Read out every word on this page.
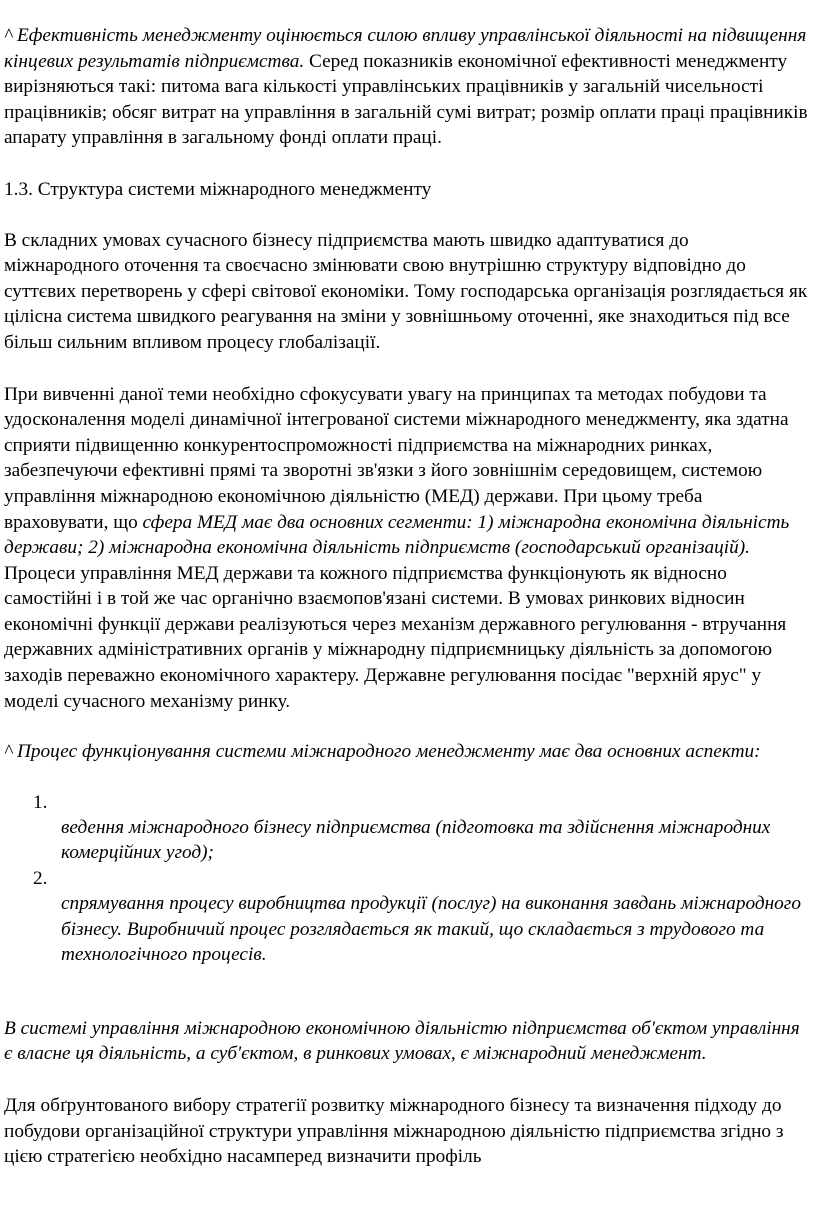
^ Ефективність менеджменту оцінюється силою впливу управлінської діяльності на підвищення кінцевих результатів підприємства. Серед показників економічної ефективності менеджменту вирізняються такі: питома вага кількості управлінських працівників у загальній чисельності працівників; обсяг витрат на управління в загальній сумі витрат; розмір оплати праці працівників апарату управління в загальному фонді оплати праці.

1.3. Структура системи міжнародного менеджменту

В складних умовах сучасного бізнесу підприємства мають швидко адаптуватися до міжнародного оточення та своєчасно змінювати свою внутрішню структуру відповідно до суттєвих перетворень у сфері світової економіки. Тому господарська організація розглядається як цілісна система швидкого реагування на зміни у зовнішньому оточенні, яке знаходиться під все більш сильним впливом процесу глобалізації.

При вивченні даної теми необхідно сфокусувати увагу на принципах та методах побудови та удосконалення моделі динамічної інтегрованої системи міжнародного менеджменту, яка здатна сприяти підвищенню конкурентоспроможності підприємства на міжнародних ринках, забезпечуючи ефективні прямі та зворотні зв'язки з його зовнішнім середовищем, системою управління міжнародною економічною діяльністю (МЕД) держави. При цьому треба враховувати, що сфера МЕД має два основних сегменти: 1) міжнародна економічна діяльність держави; 2) міжнародна економічна діяльність підприємств (господарський організацій). Процеси управління МЕД держави та кожного підприємства функціонують як відносно самостійні і в той же час органічно взаємопов'язані системи. В умовах ринкових відносин економічні функції держави реалізуються через механізм державного регулювання - втручання державних адміністративних органів у міжнародну підприємницьку діяльність за допомогою заходів переважно економічного характеру. Державне регулювання посідає "верхній ярус" у моделі сучасного механізму ринку.

^ Процес функціонування системи міжнародного менеджменту має два основних аспекти:

1.
ведення міжнародного бізнесу підприємства (підготовка та здійснення міжнародних комерційних угод);
2.
спрямування процесу виробництва продукції (послуг) на виконання завдань міжнародного бізнесу. Виробничий процес розглядається як такий, що складається з трудового та технологічного процесів.

В системі управління міжнародною економічною діяльністю підприємства об'єктом управління є власне ця діяльність, а суб'єктом, в ринкових умовах, є міжнародний менеджмент.

Для обґрунтованого вибору стратегії розвитку міжнародного бізнесу та визначення підходу до побудови організаційної структури управління міжнародною діяльністю підприємства згідно з цією стратегією необхідно насамперед визначити профіль
